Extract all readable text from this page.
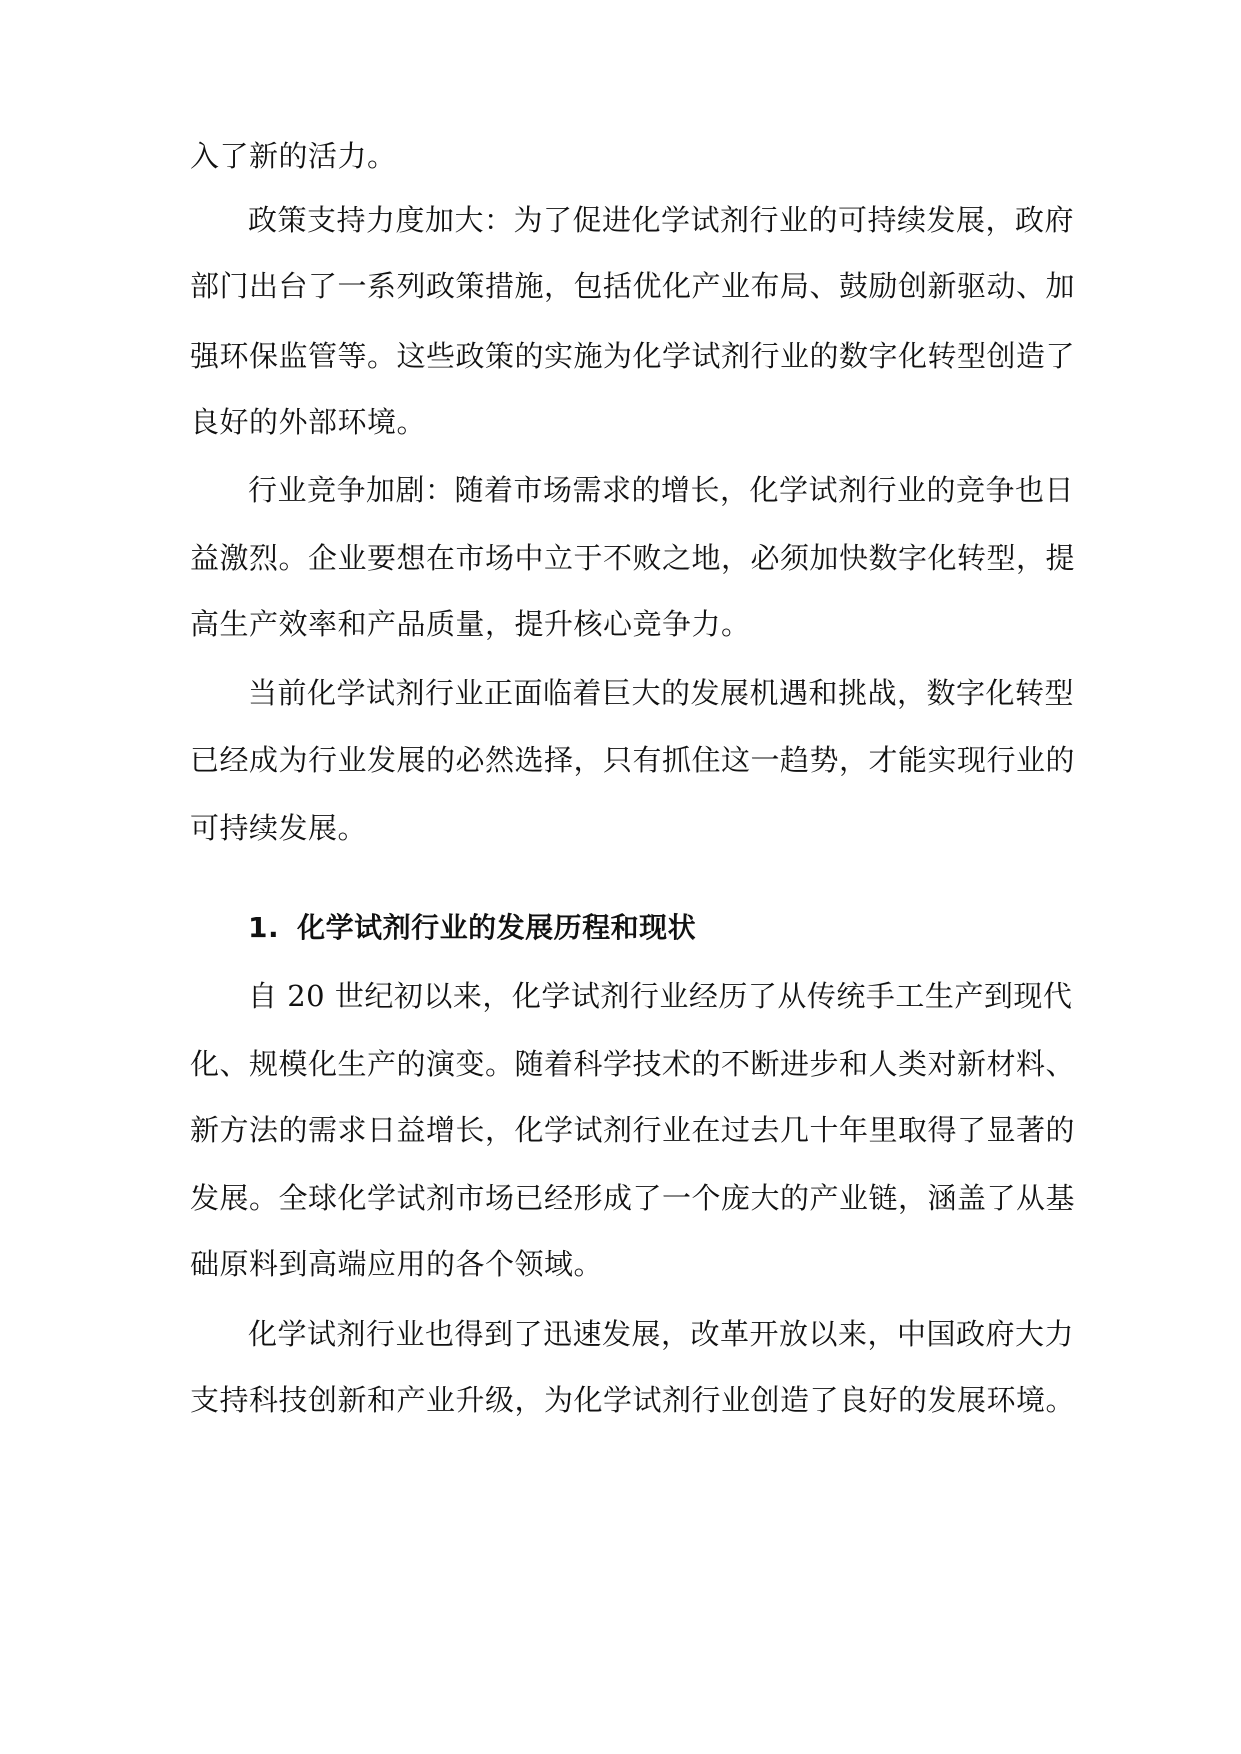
入了新的活力。
政策支持力度加大：为了促进化学试剂行业的可持续发展，政府
部门出台了一系列政策措施，包括优化产业布局、鼓励创新驱动、加
强环保监管等。这些政策的实施为化学试剂行业的数字化转型创造了
良好的外部环境。
行业竞争加剧：随着市场需求的增长，化学试剂行业的竞争也日
益激烈。企业要想在市场中立于不败之地，必须加快数字化转型，提
高生产效率和产品质量，提升核心竞争力。
当前化学试剂行业正面临着巨大的发展机遇和挑战，数字化转型
已经成为行业发展的必然选择，只有抓住这一趋势，才能实现行业的
可持续发展。
1. 化学试剂行业的发展历程和现状
自 20 世纪初以来，化学试剂行业经历了从传统手工生产到现代
化、规模化生产的演变。随着科学技术的不断进步和人类对新材料、
新方法的需求日益增长，化学试剂行业在过去几十年里取得了显著的
发展。全球化学试剂市场已经形成了一个庞大的产业链，涵盖了从基
础原料到高端应用的各个领域。
化学试剂行业也得到了迅速发展，改革开放以来，中国政府大力
支持科技创新和产业升级，为化学试剂行业创造了良好的发展环境。
